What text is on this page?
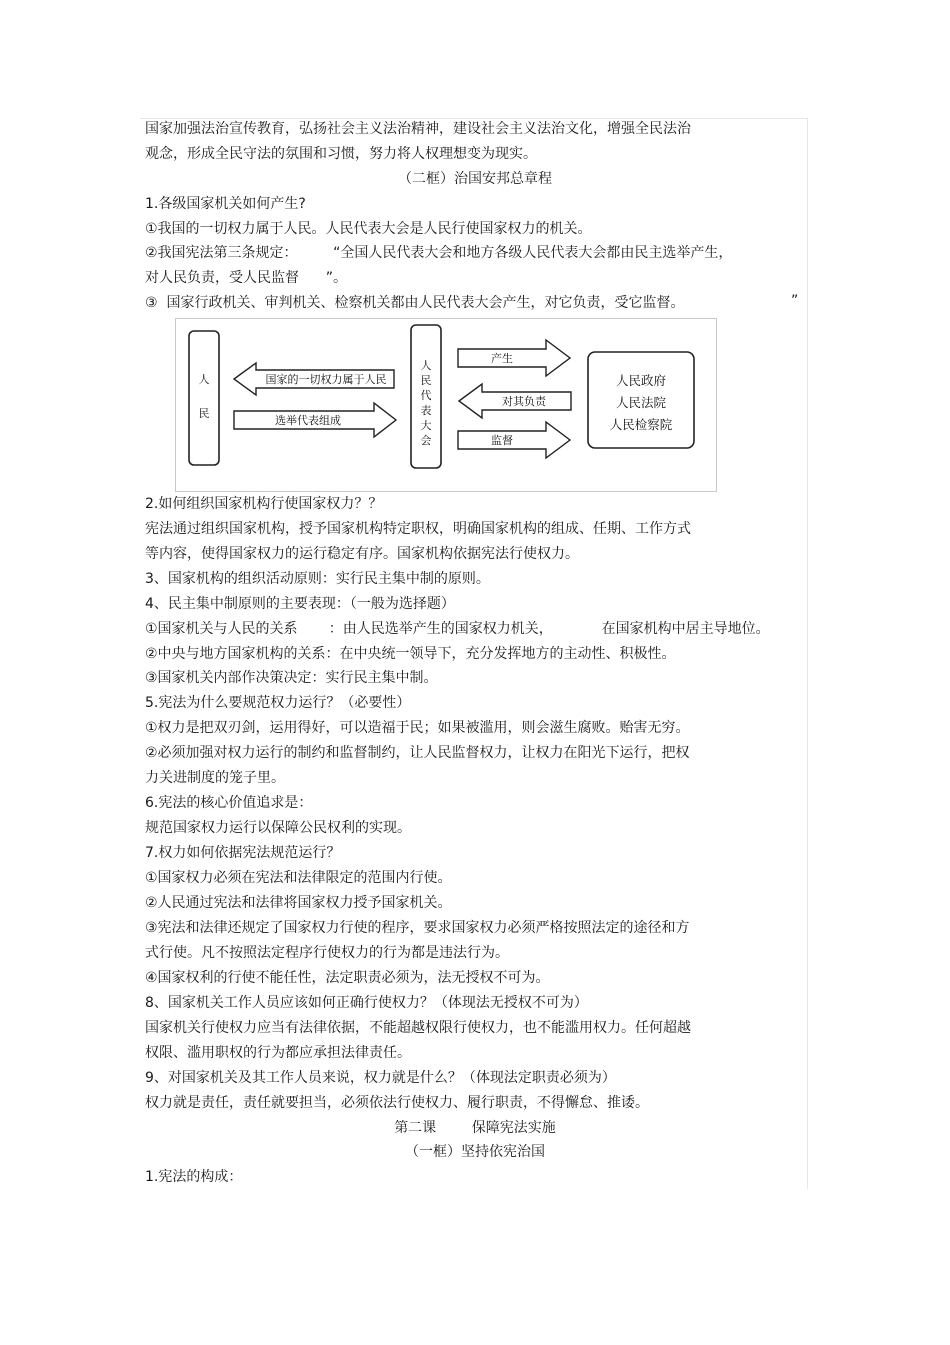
国家加强法治宣传教育，弘扬社会主义法治精神，建设社会主义法治文化，增强全民法治
观念，形成全民守法的氛围和习惯，努力将人权理想变为现实。
（二框）治国安邦总章程
1.各级国家机关如何产生?
①我国的一切权力属于人民。人民代表大会是人民行使国家权力的机关。
②我国宪法第三条规定：        “全国人民代表大会和地方各级人民代表大会都由民主选举产生，
对人民负责，受人民监督      ”。
③  国家行政机关、审判机关、检察机关都由人民代表大会产生，对它负责，受它监督。	”
人
民
国家的一切权力属于人民
选举代表组成
人
民
代
表
大
会
产生
对其负责
监督
人民政府
人民法院
人民检察院
2.如何组织国家机构行使国家权力？？
宪法通过组织国家机构，授予国家机构特定职权，明确国家机构的组成、任期、工作方式
等内容，使得国家权力的运行稳定有序。国家机构依据宪法行使权力。
3、国家机构的组织活动原则：实行民主集中制的原则。
4、民主集中制原则的主要表现：（一般为选择题）
①国家机关与人民的关系       ：由人民选举产生的国家权力机关，           在国家机构中居主导地位。
②中央与地方国家机构的关系：在中央统一领导下，充分发挥地方的主动性、积极性。
③国家机关内部作决策决定：实行民主集中制。
5.宪法为什么要规范权力运行？（必要性）
①权力是把双刃剑，运用得好，可以造福于民；如果被滥用，则会滋生腐败。贻害无穷。
②必须加强对权力运行的制约和监督制约，让人民监督权力，让权力在阳光下运行，把权
力关进制度的笼子里。
6.宪法的核心价值追求是：
规范国家权力运行以保障公民权利的实现。
7.权力如何依据宪法规范运行？
①国家权力必须在宪法和法律限定的范围内行使。
②人民通过宪法和法律将国家权力授予国家机关。
③宪法和法律还规定了国家权力行使的程序，要求国家权力必须严格按照法定的途径和方
式行使。凡不按照法定程序行使权力的行为都是违法行为。
④国家权利的行使不能任性，法定职责必须为，法无授权不可为。
8、国家机关工作人员应该如何正确行使权力？（体现法无授权不可为）
国家机关行使权力应当有法律依据，不能超越权限行使权力，也不能滥用权力。任何超越
权限、滥用职权的行为都应承担法律责任。
9、对国家机关及其工作人员来说，权力就是什么？（体现法定职责必须为）
权力就是责任，责任就要担当，必须依法行使权力、履行职责，不得懈怠、推诿。
第二课        保障宪法实施
（一框）坚持依宪治国
1.宪法的构成：
